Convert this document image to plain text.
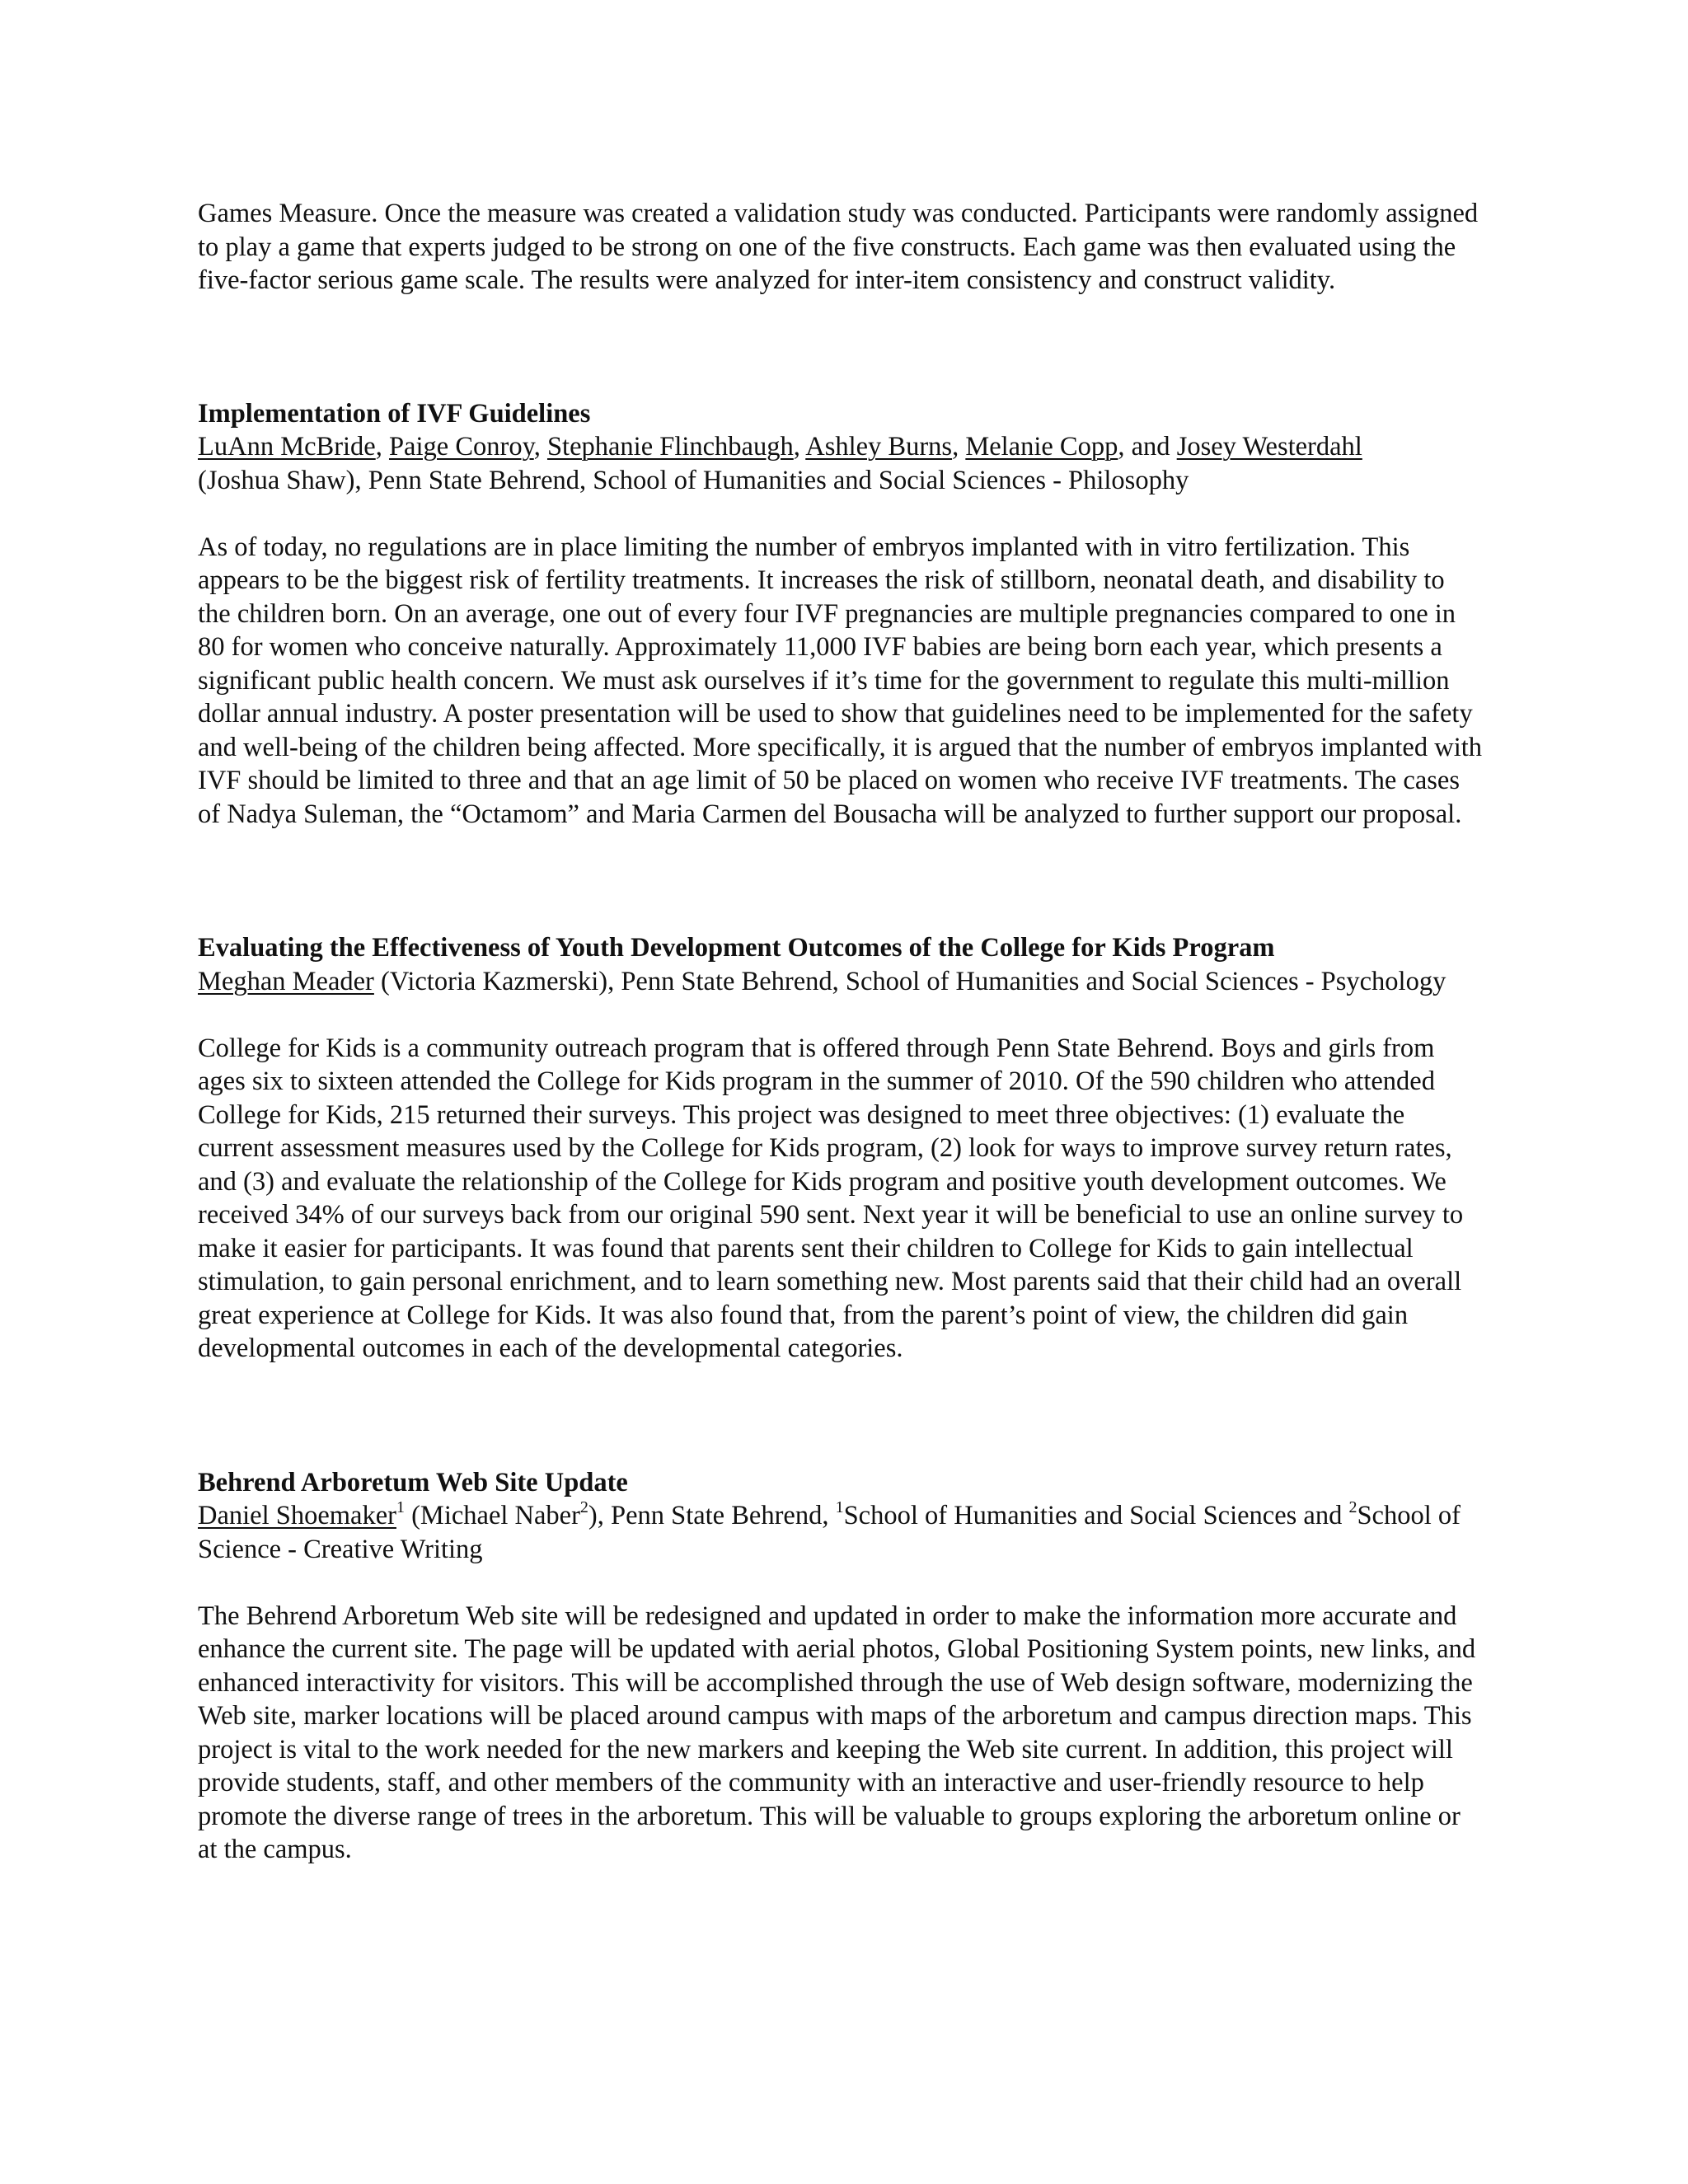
Games Measure. Once the measure was created a validation study was conducted. Participants were randomly assigned to play a game that experts judged to be strong on one of the five constructs. Each game was then evaluated using the five-factor serious game scale. The results were analyzed for inter-item consistency and construct validity.

Implementation of IVF Guidelines

LuAnn McBride, Paige Conroy, Stephanie Flinchbaugh, Ashley Burns, Melanie Copp, and Josey Westerdahl

(Joshua Shaw), Penn State Behrend, School of Humanities and Social Sciences - Philosophy

As of today, no regulations are in place limiting the number of embryos implanted with in vitro fertilization. This appears to be the biggest risk of fertility treatments. It increases the risk of stillborn, neonatal death, and disability to the children born. On an average, one out of every four IVF pregnancies are multiple pregnancies compared to one in 80 for women who conceive naturally. Approximately 11,000 IVF babies are being born each year, which presents a significant public health concern. We must ask ourselves if it’s time for the government to regulate this multi-million dollar annual industry. A poster presentation will be used to show that guidelines need to be implemented for the safety and well-being of the children being affected. More specifically, it is argued that the number of embryos implanted with IVF should be limited to three and that an age limit of 50 be placed on women who receive IVF treatments. The cases of Nadya Suleman, the “Octamom” and Maria Carmen del Bousacha will be analyzed to further support our proposal.

Evaluating the Effectiveness of Youth Development Outcomes of the College for Kids Program

Meghan Meader (Victoria Kazmerski), Penn State Behrend, School of Humanities and Social Sciences - Psychology

College for Kids is a community outreach program that is offered through Penn State Behrend. Boys and girls from ages six to sixteen attended the College for Kids program in the summer of 2010. Of the 590 children who attended College for Kids, 215 returned their surveys. This project was designed to meet three objectives: (1) evaluate the current assessment measures used by the College for Kids program, (2) look for ways to improve survey return rates, and (3) and evaluate the relationship of the College for Kids program and positive youth development outcomes. We received 34% of our surveys back from our original 590 sent. Next year it will be beneficial to use an online survey to make it easier for participants. It was found that parents sent their children to College for Kids to gain intellectual stimulation, to gain personal enrichment, and to learn something new. Most parents said that their child had an overall great experience at College for Kids. It was also found that, from the parent’s point of view, the children did gain developmental outcomes in each of the developmental categories.

Behrend Arboretum Web Site Update

Daniel Shoemaker$^1$ (Michael Naber$^2$), Penn State Behrend, $^1$School of Humanities and Social Sciences and $^2$School of Science - Creative Writing

The Behrend Arboretum Web site will be redesigned and updated in order to make the information more accurate and enhance the current site. The page will be updated with aerial photos, Global Positioning System points, new links, and enhanced interactivity for visitors. This will be accomplished through the use of Web design software, modernizing the Web site, marker locations will be placed around campus with maps of the arboretum and campus direction maps. This project is vital to the work needed for the new markers and keeping the Web site current. In addition, this project will provide students, staff, and other members of the community with an interactive and user-friendly resource to help promote the diverse range of trees in the arboretum. This will be valuable to groups exploring the arboretum online or at the campus.
